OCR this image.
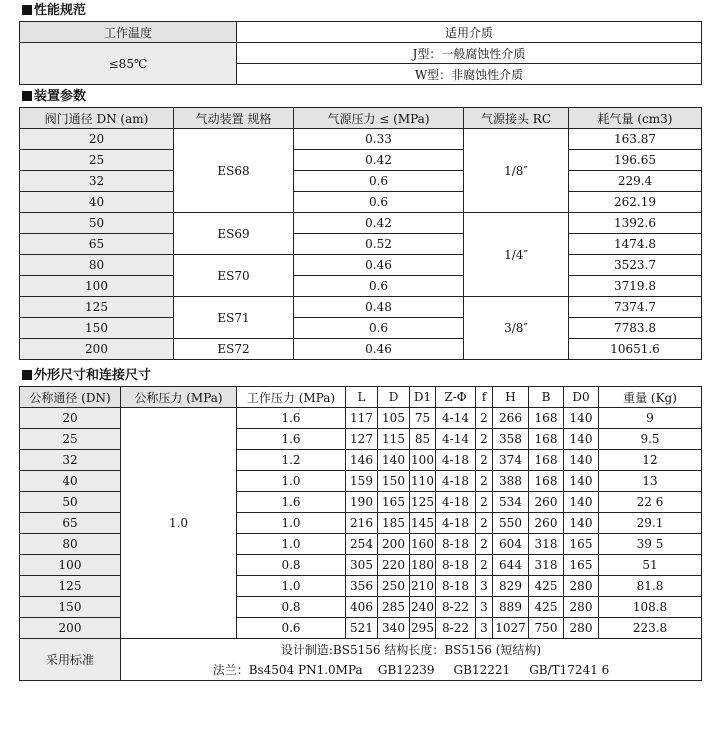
性能规范
工作温度	适用介质
≤85℃	J型：一般腐蚀性介质
	W型：非腐蚀性介质
装置参数
阀门通径 DN (am)	气动装置 规格	气源压力 ≤ (MPa)	气源接头 RC	耗气量 (cm3)
20	ES68	0.33	1/8″	163.87
25		0.42		196.65
32		0.6		229.4
40		0.6		262.19
50	ES69	0.42	1/4″	1392.6
65		0.52		1474.8
80	ES70	0.46		3523.7
100		0.6		3719.8
125	ES71	0.48	3/8″	7374.7
150		0.6		7783.8
200	ES72	0.46		10651.6
外形尺寸和连接尺寸
公称通径 (DN)	公称压力 (MPa)	工作压力 (MPa)	L	D	D1	Z-Φ	f	H	B	D0	重量 (Kg)
20	1.0	1.6	117	105	75	4-14	2	266	168	140	9
25		1.6	127	115	85	4-14	2	358	168	140	9.5
32		1.2	146	140	100	4-18	2	374	168	140	12
40		1.0	159	150	110	4-18	2	388	168	140	13
50		1.6	190	165	125	4-18	2	534	260	140	22 6
65		1.0	216	185	145	4-18	2	550	260	140	29.1
80		1.0	254	200	160	8-18	2	604	318	165	39 5
100		0.8	305	220	180	8-18	2	644	318	165	51
125		1.0	356	250	210	8-18	3	829	425	280	81.8
150		0.8	406	285	240	8-22	3	889	425	280	108.8
200		0.6	521	340	295	8-22	3	1027	750	280	223.8
采用标准	设计制造:BS5156 结构长度：BS5156 (短结构)										
	法兰：Bs4504 PN1.0MPa    GB12239     GB12221     GB/T17241 6										
